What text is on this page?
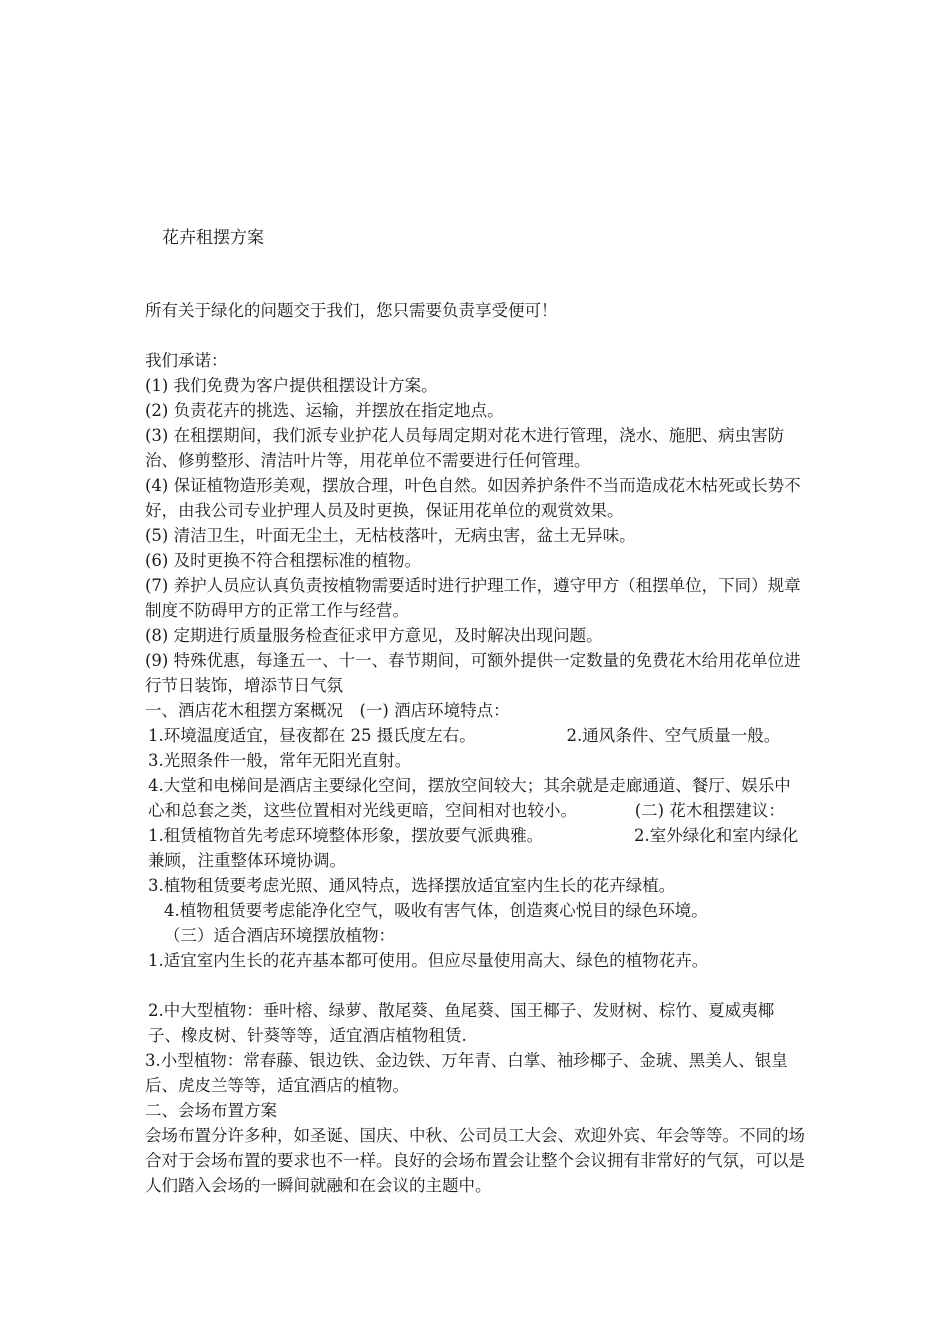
花卉租摆方案

所有关于绿化的问题交于我们，您只需要负责享受便可！

我们承诺：

(1) 我们免费为客户提供租摆设计方案。

(2) 负责花卉的挑选、运输，并摆放在指定地点。

(3) 在租摆期间，我们派专业护花人员每周定期对花木进行管理，浇水、施肥、病虫害防治、修剪整形、清洁叶片等，用花单位不需要进行任何管理。

(4) 保证植物造形美观，摆放合理，叶色自然。如因养护条件不当而造成花木枯死或长势不好，由我公司专业护理人员及时更换，保证用花单位的观赏效果。

(5) 清洁卫生，叶面无尘土，无枯枝落叶，无病虫害，盆土无异味。

(6) 及时更换不符合租摆标准的植物。

(7) 养护人员应认真负责按植物需要适时进行护理工作，遵守甲方（租摆单位，下同）规章制度不防碍甲方的正常工作与经营。

(8) 定期进行质量服务检查征求甲方意见，及时解决出现问题。

(9) 特殊优惠，每逢五一、十一、春节期间，可额外提供一定数量的免费花木给用花单位进行节日装饰，增添节日气氛

一、酒店花木租摆方案概况　(一) 酒店环境特点：

1.环境温度适宜，昼夜都在 25 摄氏度左右。　　　　　　2.通风条件、空气质量一般。　　　　　3.光照条件一般，常年无阳光直射。

4.大堂和电梯间是酒店主要绿化空间，摆放空间较大；其余就是走廊通道、餐厅、娱乐中心和总套之类，这些位置相对光线更暗，空间相对也较小。　　　　(二) 花木租摆建议：

1.租赁植物首先考虑环境整体形象，摆放要气派典雅。　　　　　　2.室外绿化和室内绿化兼顾，注重整体环境协调。

3.植物租赁要考虑光照、通风特点，选择摆放适宜室内生长的花卉绿植。

4.植物租赁要考虑能净化空气，吸收有害气体，创造爽心悦目的绿色环境。

（三）适合酒店环境摆放植物：

1.适宜室内生长的花卉基本都可使用。但应尽量使用高大、绿色的植物花卉。

2.中大型植物：垂叶榕、绿萝、散尾葵、鱼尾葵、国王椰子、发财树、棕竹、夏威夷椰子、橡皮树、针葵等等，适宜酒店植物租赁.

3.小型植物：常春藤、银边铁、金边铁、万年青、白掌、袖珍椰子、金琥、黑美人、银皇后、虎皮兰等等，适宜酒店的植物。

二、会场布置方案

会场布置分许多种，如圣诞、国庆、中秋、公司员工大会、欢迎外宾、年会等等。不同的场合对于会场布置的要求也不一样。良好的会场布置会让整个会议拥有非常好的气氛，可以是人们踏入会场的一瞬间就融和在会议的主题中。
